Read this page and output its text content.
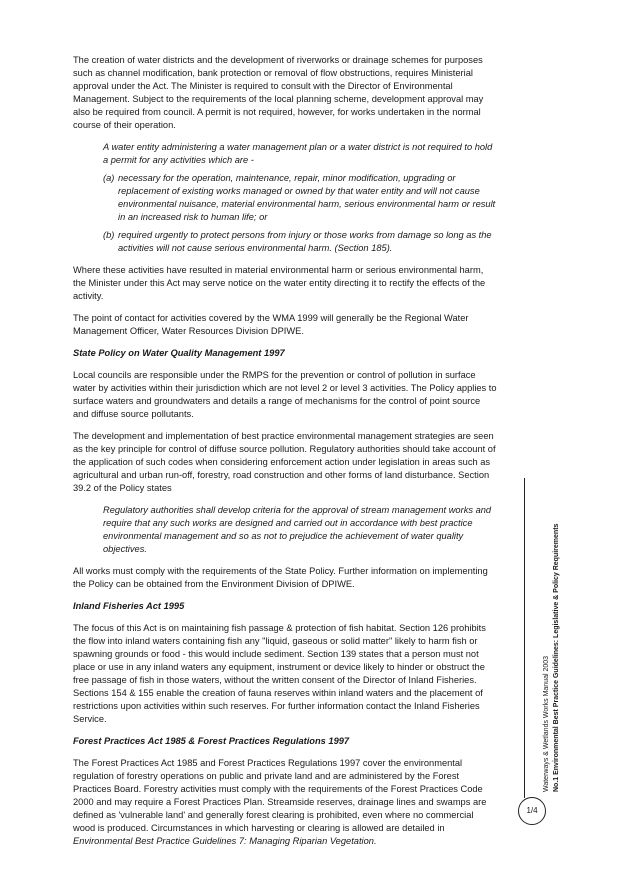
The creation of water districts and the development of riverworks or drainage schemes for purposes such as channel modification, bank protection or removal of flow obstructions, requires Ministerial approval under the Act. The Minister is required to consult with the Director of Environmental Management. Subject to the requirements of the local planning scheme, development approval may also be required from council. A permit is not required, however, for works undertaken in the normal course of their operation.

A water entity administering a water management plan or a water district is not required to hold a permit for any activities which are -

(a) necessary for the operation, maintenance, repair, minor modification, upgrading or replacement of existing works managed or owned by that water entity and will not cause environmental nuisance, material environmental harm, serious environmental harm or result in an increased risk to human life; or
(b) required urgently to protect persons from injury or those works from damage so long as the activities will not cause serious environmental harm. (Section 185).

Where these activities have resulted in material environmental harm or serious environmental harm, the Minister under this Act may serve notice on the water entity directing it to rectify the effects of the activity.

The point of contact for activities covered by the WMA 1999 will generally be the Regional Water Management Officer, Water Resources Division DPIWE.

State Policy on Water Quality Management 1997

Local councils are responsible under the RMPS for the prevention or control of pollution in surface water by activities within their jurisdiction which are not level 2 or level 3 activities. The Policy applies to surface waters and groundwaters and details a range of mechanisms for the control of point source and diffuse source pollutants.

The development and implementation of best practice environmental management strategies are seen as the key principle for control of diffuse source pollution. Regulatory authorities should take account of the application of such codes when considering enforcement action under legislation in areas such as agricultural and urban run-off, forestry, road construction and other forms of land disturbance. Section 39.2 of the Policy states

Regulatory authorities shall develop criteria for the approval of stream management works and require that any such works are designed and carried out in accordance with best practice environmental management and so as not to prejudice the achievement of water quality objectives.

All works must comply with the requirements of the State Policy. Further information on implementing the Policy can be obtained from the Environment Division of DPIWE.

Inland Fisheries Act 1995

The focus of this Act is on maintaining fish passage & protection of fish habitat. Section 126 prohibits the flow into inland waters containing fish any "liquid, gaseous or solid matter" likely to harm fish or spawning grounds or food - this would include sediment. Section 139 states that a person must not place or use in any inland waters any equipment, instrument or device likely to hinder or obstruct the free passage of fish in those waters, without the written consent of the Director of Inland Fisheries. Sections 154 & 155 enable the creation of fauna reserves within inland waters and the placement of restrictions upon activities within such reserves. For further information contact the Inland Fisheries Service.

Forest Practices Act 1985 & Forest Practices Regulations 1997

The Forest Practices Act 1985 and Forest Practices Regulations 1997 cover the environmental regulation of forestry operations on public and private land and are administered by the Forest Practices Board. Forestry activities must comply with the requirements of the Forest Practices Code 2000 and may require a Forest Practices Plan. Streamside reserves, drainage lines and swamps are defined as 'vulnerable land' and generally forest clearing is prohibited, even where no commercial wood is produced. Circumstances in which harvesting or clearing is allowed are detailed in Environmental Best Practice Guidelines 7: Managing Riparian Vegetation.

Waterways & Wetlands Works Manual 2003 No.1 Environmental Best Practice Guidelines: Legislative & Policy Requirements
1/4
